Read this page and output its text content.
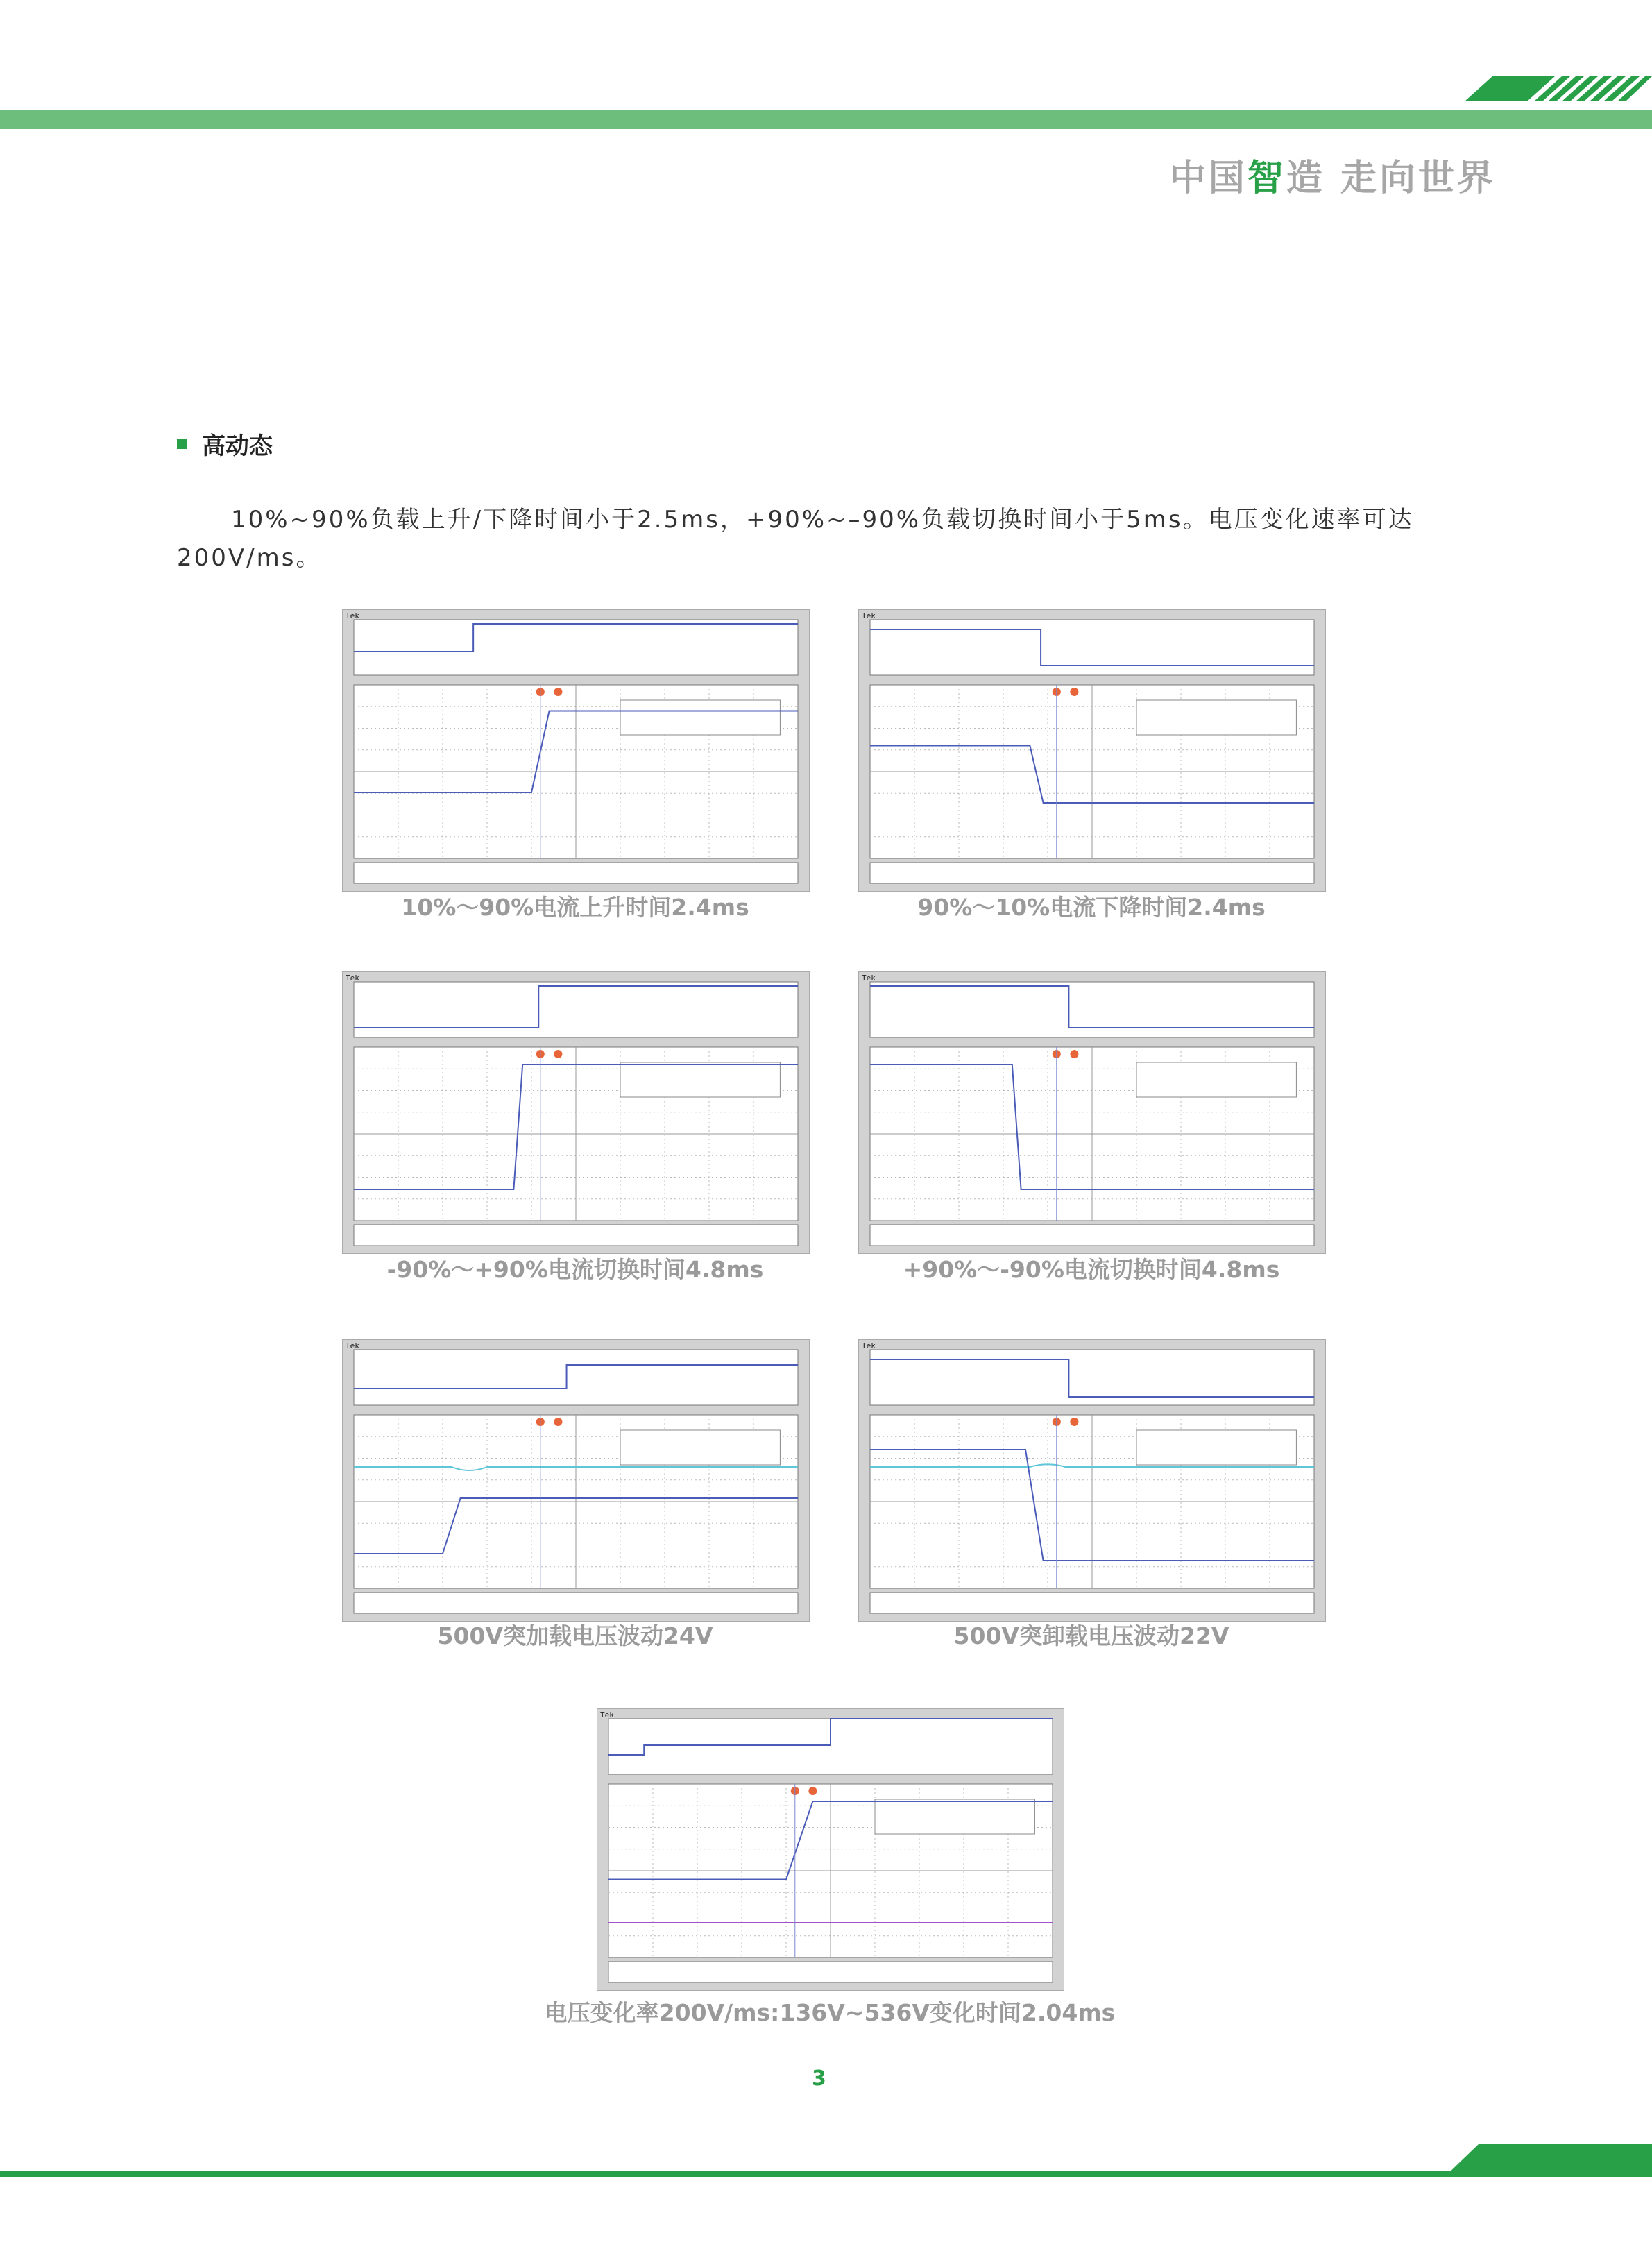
中国智造 走向世界
高动态
10%~90%负载上升/下降时间小于2.5ms，+90%~–90%负载切换时间小于5ms。电压变化速率可达200V/ms。
Tek
10%～90%电流上升时间2.4ms
Tek
90%～10%电流下降时间2.4ms
Tek
-90%～+90%电流切换时间4.8ms
Tek
+90%～-90%电流切换时间4.8ms
Tek
500V突加载电压波动24V
Tek
500V突卸载电压波动22V
Tek
电压变化率200V/ms:136V~536V变化时间2.04ms
3
